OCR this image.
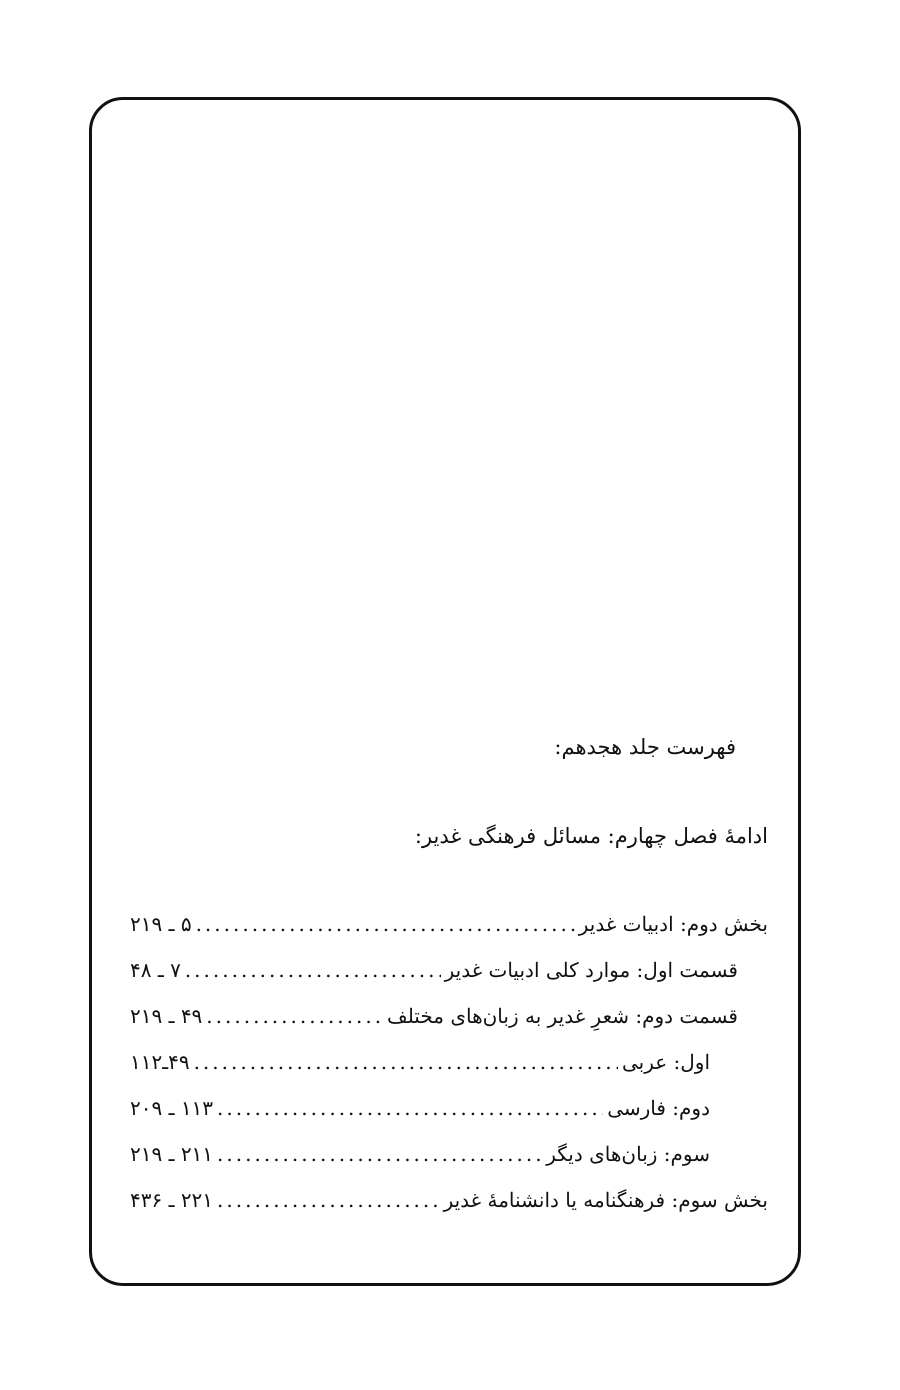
فهرست جلد هجدهم:
ادامۀ فصل چهارم: مسائل فرهنگی غدیر:
بخش دوم: ادبیات غدیر
.....
۵ ـ ۲۱۹
قسمت اول: موارد کلی ادبیات غدیر
.....
۷ ـ ۴۸
قسمت دوم: شعرِ غدیر به زبان‌های مختلف
.....
۴۹ ـ ۲۱۹
اول: عربی
.....
۴۹ـ۱۱۲
دوم: فارسی
.....
۱۱۳ ـ ۲۰۹
سوم: زبان‌های دیگر
.....
۲۱۱ ـ ۲۱۹
بخش سوم: فرهنگنامه یا دانشنامۀ غدیر
.....
۲۲۱ ـ ۴۳۶
